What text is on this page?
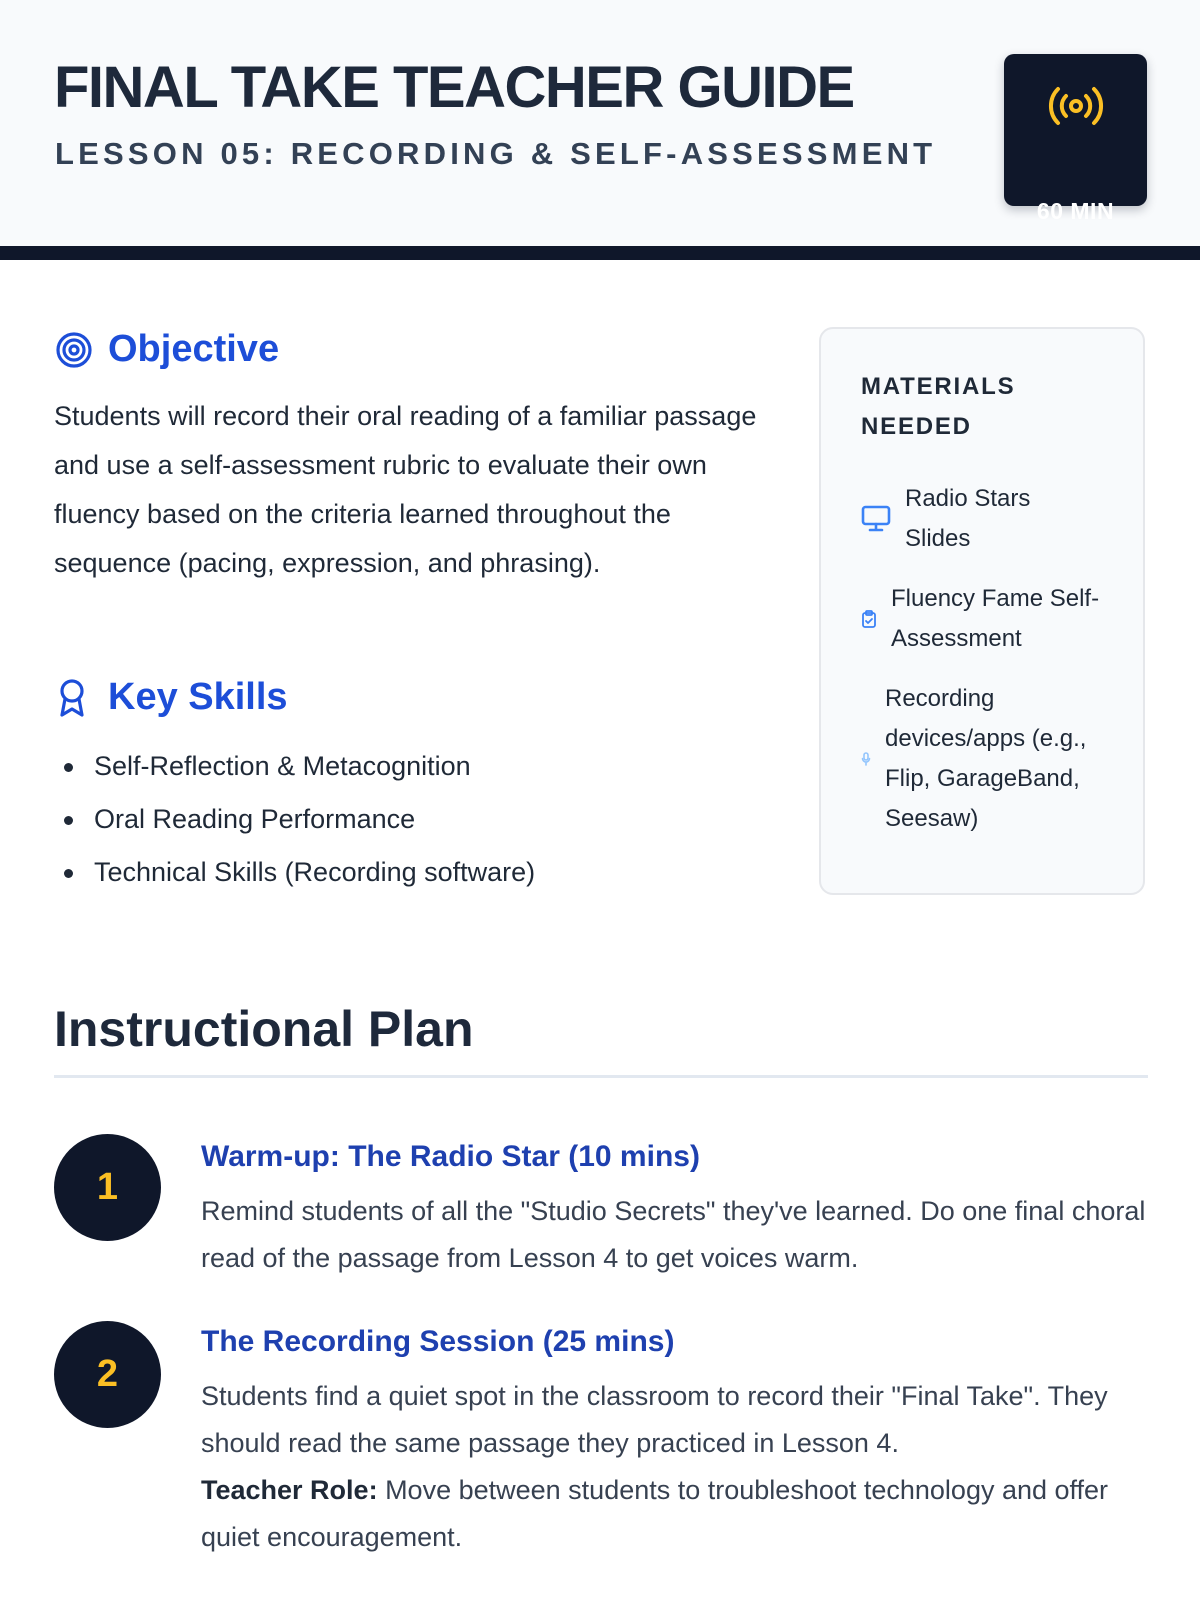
FINAL TAKE TEACHER GUIDE
LESSON 05: RECORDING & SELF-ASSESSMENT
60 MIN
Objective

Students will record their oral reading of a familiar passage and use a self-assessment rubric to evaluate their own fluency based on the criteria learned throughout the sequence (pacing, expression, and phrasing).

Key Skills
Self-Reflection & Metacognition
Oral Reading Performance
Technical Skills (Recording software)
MATERIALS NEEDED
Radio Stars Slides
Fluency Fame Self-Assessment
Recording devices/apps (e.g., Flip, GarageBand, Seesaw)
Instructional Plan
1
Warm-up: The Radio Star (10 mins)

Remind students of all the "Studio Secrets" they've learned. Do one final choral read of the passage from Lesson 4 to get voices warm.

2
The Recording Session (25 mins)

Students find a quiet spot in the classroom to record their "Final Take". They should read the same passage they practiced in Lesson 4.
Teacher Role: Move between students to troubleshoot technology and offer quiet encouragement.
